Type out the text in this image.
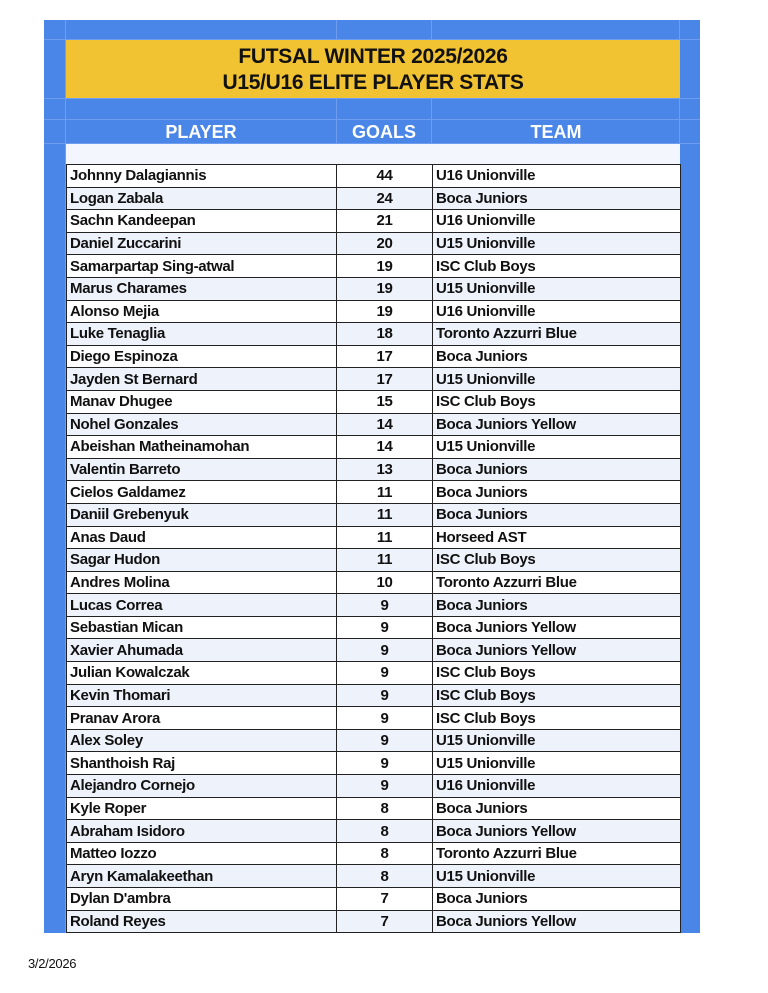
FUTSAL WINTER 2025/2026
U15/U16 ELITE PLAYER STATS
PLAYER	GOALS	TEAM
Johnny Dalagiannis	44	U16 Unionville
Logan Zabala	24	Boca Juniors
Sachn Kandeepan	21	U16 Unionville
Daniel Zuccarini	20	U15 Unionville
Samarpartap Sing-atwal	19	ISC Club Boys
Marus Charames	19	U15 Unionville
Alonso Mejia	19	U16 Unionville
Luke Tenaglia	18	Toronto Azzurri Blue
Diego Espinoza	17	Boca Juniors
Jayden St Bernard	17	U15 Unionville
Manav Dhugee	15	ISC Club Boys
Nohel Gonzales	14	Boca Juniors Yellow
Abeishan Matheinamohan	14	U15 Unionville
Valentin Barreto	13	Boca Juniors
Cielos Galdamez	11	Boca Juniors
Daniil Grebenyuk	11	Boca Juniors
Anas Daud	11	Horseed AST
Sagar Hudon	11	ISC Club Boys
Andres Molina	10	Toronto Azzurri Blue
Lucas Correa	9	Boca Juniors
Sebastian Mican	9	Boca Juniors Yellow
Xavier Ahumada	9	Boca Juniors Yellow
Julian Kowalczak	9	ISC Club Boys
Kevin Thomari	9	ISC Club Boys
Pranav Arora	9	ISC Club Boys
Alex Soley	9	U15 Unionville
Shanthoish Raj	9	U15 Unionville
Alejandro Cornejo	9	U16 Unionville
Kyle Roper	8	Boca Juniors
Abraham Isidoro	8	Boca Juniors Yellow
Matteo Iozzo	8	Toronto Azzurri Blue
Aryn Kamalakeethan	8	U15 Unionville
Dylan D'ambra	7	Boca Juniors
Roland Reyes	7	Boca Juniors Yellow
3/2/2026
